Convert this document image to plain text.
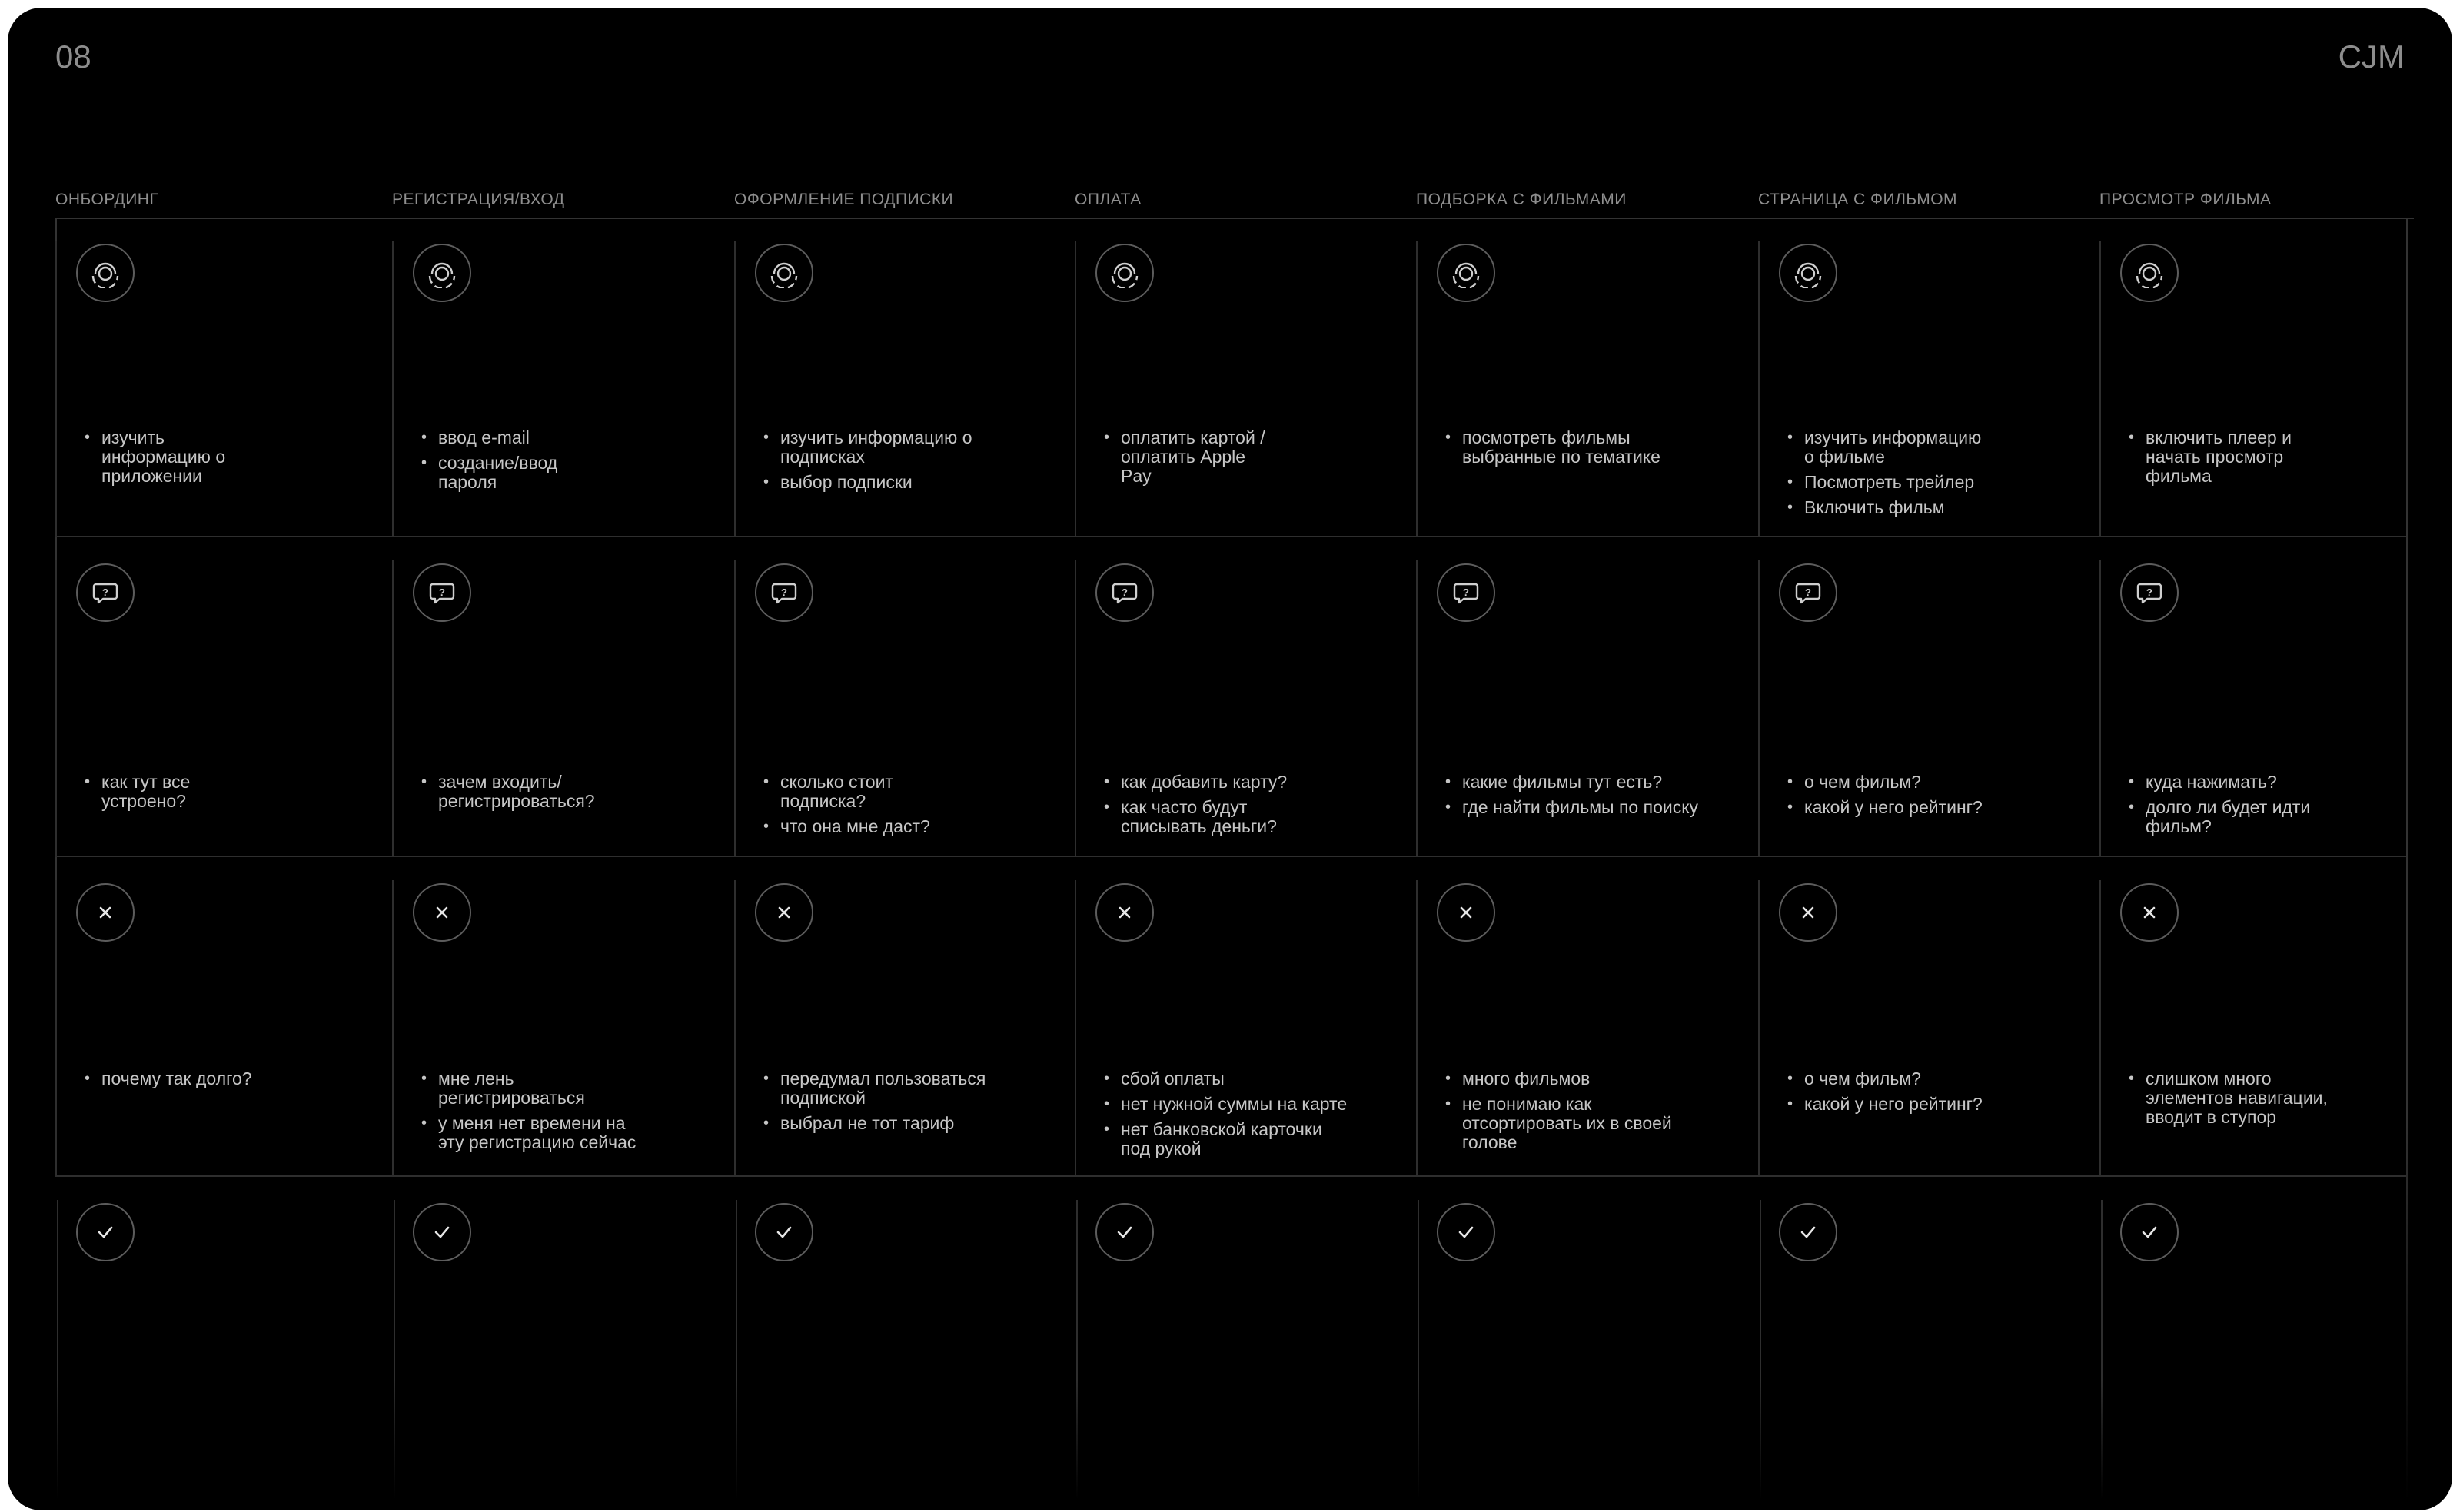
08	CJM
ОНБОРДИНГ
• изучить
информацию о
приложении
?
• как тут все
устроено?
• почему так долго?
РЕГИСТРАЦИЯ/ВХОД
• ввод e-mail
• создание/ввод
пароля
?
• зачем входить/
регистрироваться?
• мне лень
регистрироваться
• у меня нет времени на
эту регистрацию сейчас
ОФОРМЛЕНИЕ ПОДПИСКИ
• изучить информацию о
подписках
• выбор подписки
?
• сколько стоит
подписка?
• что она мне даст?
• передумал пользоваться
подпиской
• выбрал не тот тариф
ОПЛАТА
• оплатить картой /
оплатить Apple
Pay
?
• как добавить карту?
• как часто будут
списывать деньги?
• сбой оплаты
• нет нужной суммы на карте
• нет банковской карточки
под рукой
ПОДБОРКА С ФИЛЬМАМИ
• посмотреть фильмы
выбранные по тематике
?
• какие фильмы тут есть?
• где найти фильмы по поиску
• много фильмов
• не понимаю как
отсортировать их в своей
голове
СТРАНИЦА С ФИЛЬМОМ
• изучить информацию
о фильме
• Посмотреть трейлер
• Включить фильм
?
• о чем фильм?
• какой у него рейтинг?
• о чем фильм?
• какой у него рейтинг?
ПРОСМОТР ФИЛЬМА
• включить плеер и
начать просмотр
фильма
?
• куда нажимать?
• долго ли будет идти
фильм?
• слишком много
элементов навигации,
вводит в ступор
